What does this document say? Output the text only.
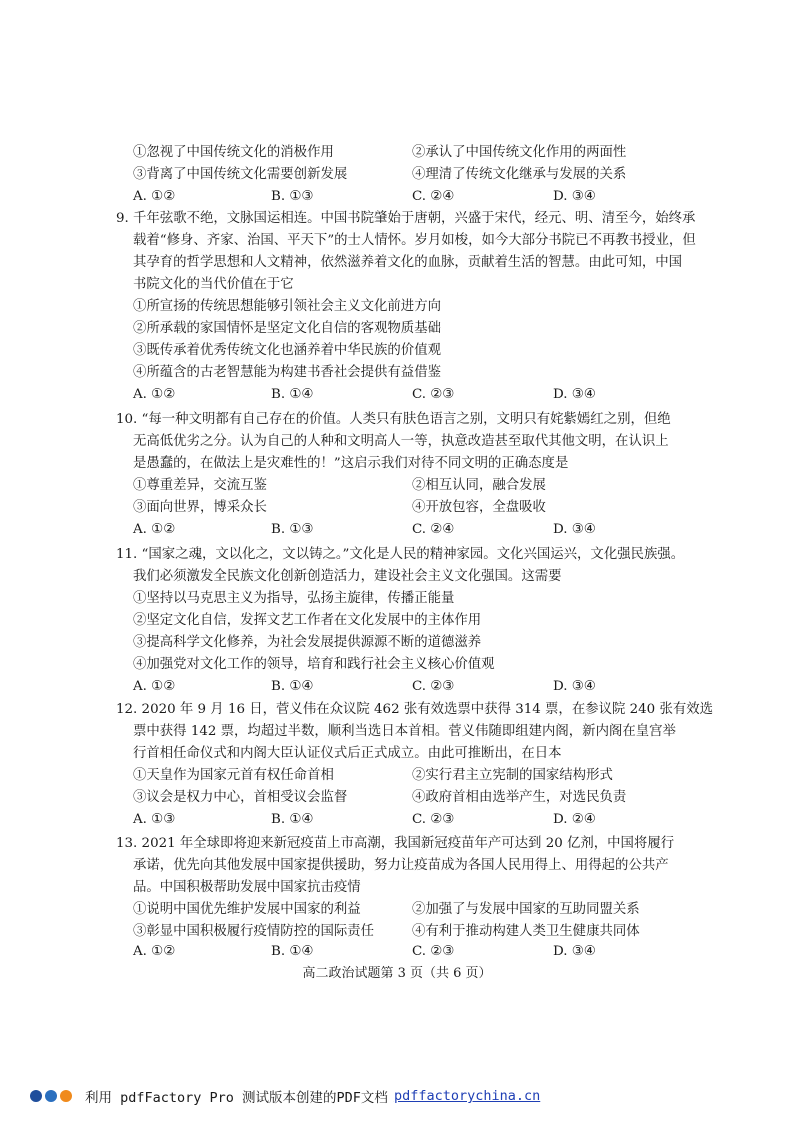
①忽视了中国传统文化的消极作用	②承认了中国传统文化作用的两面性
③背离了中国传统文化需要创新发展	④理清了传统文化继承与发展的关系
A. ①②	B. ①③	C. ②④	D. ③④
9. 千年弦歌不绝，文脉国运相连。中国书院肇始于唐朝，兴盛于宋代，经元、明、清至今，始终承
载着“修身、齐家、治国、平天下”的士人情怀。岁月如梭，如今大部分书院已不再教书授业，但
其孕育的哲学思想和人文精神，依然滋养着文化的血脉，贡献着生活的智慧。由此可知，中国
书院文化的当代价值在于它
①所宣扬的传统思想能够引领社会主义文化前进方向
②所承载的家国情怀是坚定文化自信的客观物质基础
③既传承着优秀传统文化也涵养着中华民族的价值观
④所蕴含的古老智慧能为构建书香社会提供有益借鉴
A. ①②	B. ①④	C. ②③	D. ③④
10. “每一种文明都有自己存在的价值。人类只有肤色语言之别，文明只有姹紫嫣红之别，但绝
无高低优劣之分。认为自己的人种和文明高人一等，执意改造甚至取代其他文明，在认识上
是愚蠢的，在做法上是灾难性的！”这启示我们对待不同文明的正确态度是
①尊重差异，交流互鉴	②相互认同，融合发展
③面向世界，博采众长	④开放包容，全盘吸收
A. ①②	B. ①③	C. ②④	D. ③④
11. “国家之魂，文以化之，文以铸之。”文化是人民的精神家园。文化兴国运兴，文化强民族强。
我们必须激发全民族文化创新创造活力，建设社会主义文化强国。这需要
①坚持以马克思主义为指导，弘扬主旋律，传播正能量
②坚定文化自信，发挥文艺工作者在文化发展中的主体作用
③提高科学文化修养，为社会发展提供源源不断的道德滋养
④加强党对文化工作的领导，培育和践行社会主义核心价值观
A. ①②	B. ①④	C. ②③	D. ③④
12. 2020 年 9 月 16 日，菅义伟在众议院 462 张有效选票中获得 314 票，在参议院 240 张有效选
票中获得 142 票，均超过半数，顺利当选日本首相。菅义伟随即组建内阁，新内阁在皇宫举
行首相任命仪式和内阁大臣认证仪式后正式成立。由此可推断出，在日本
①天皇作为国家元首有权任命首相	②实行君主立宪制的国家结构形式
③议会是权力中心，首相受议会监督	④政府首相由选举产生，对选民负责
A. ①③	B. ①④	C. ②③	D. ②④
13. 2021 年全球即将迎来新冠疫苗上市高潮，我国新冠疫苗年产可达到 20 亿剂，中国将履行
承诺，优先向其他发展中国家提供援助，努力让疫苗成为各国人民用得上、用得起的公共产
品。中国积极帮助发展中国家抗击疫情
①说明中国优先维护发展中国家的利益	②加强了与发展中国家的互助同盟关系
③彰显中国积极履行疫情防控的国际责任	④有利于推动构建人类卫生健康共同体
A. ①②	B. ①④	C. ②③	D. ③④
高二政治试题第 3 页（共 6 页）
利用 pdfFactory Pro 测试版本创建的PDF文档 pdffactorychina.cn
